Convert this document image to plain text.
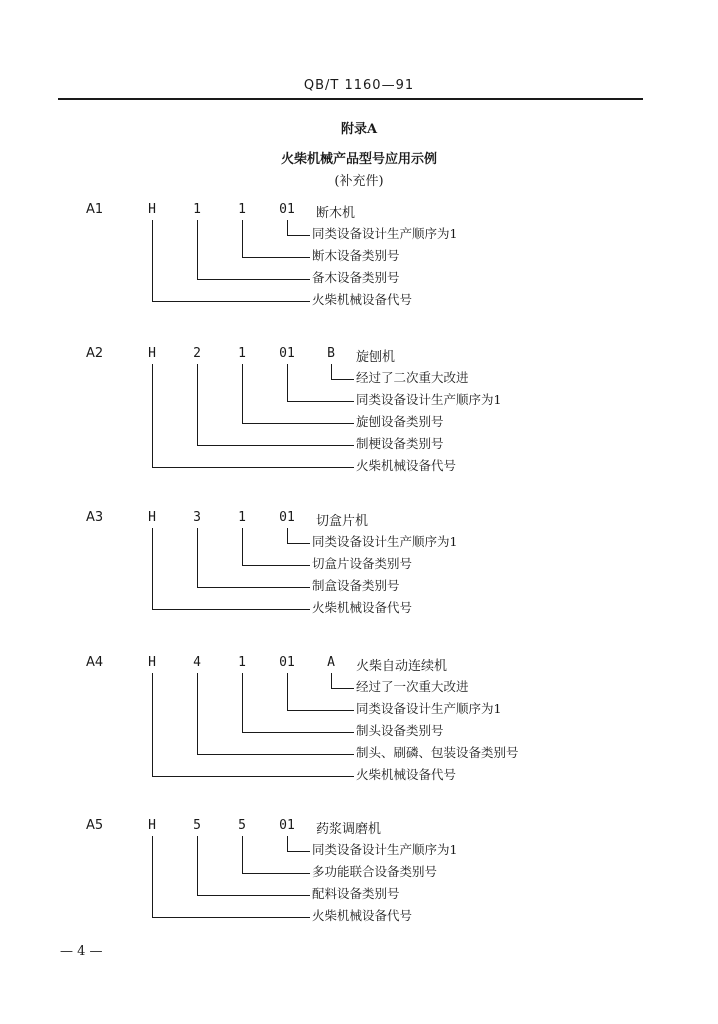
QB/T 1160—91
附录A
火柴机械产品型号应用示例
(补充件)
A1	H	1	1	01	断木机
同类设备设计生产顺序为1
断木设备类别号
备木设备类别号
火柴机械设备代号
A2	H	2	1	01	B	旋刨机
经过了二次重大改进
同类设备设计生产顺序为1
旋刨设备类别号
制梗设备类别号
火柴机械设备代号
A3	H	3	1	01	切盒片机
同类设备设计生产顺序为1
切盒片设备类别号
制盒设备类别号
火柴机械设备代号
A4	H	4	1	01	A	火柴自动连续机
经过了一次重大改进
同类设备设计生产顺序为1
制头设备类别号
制头、刷磷、包装设备类别号
火柴机械设备代号
A5	H	5	5	01	药浆调磨机
同类设备设计生产顺序为1
多功能联合设备类别号
配料设备类别号
火柴机械设备代号
— 4 —
